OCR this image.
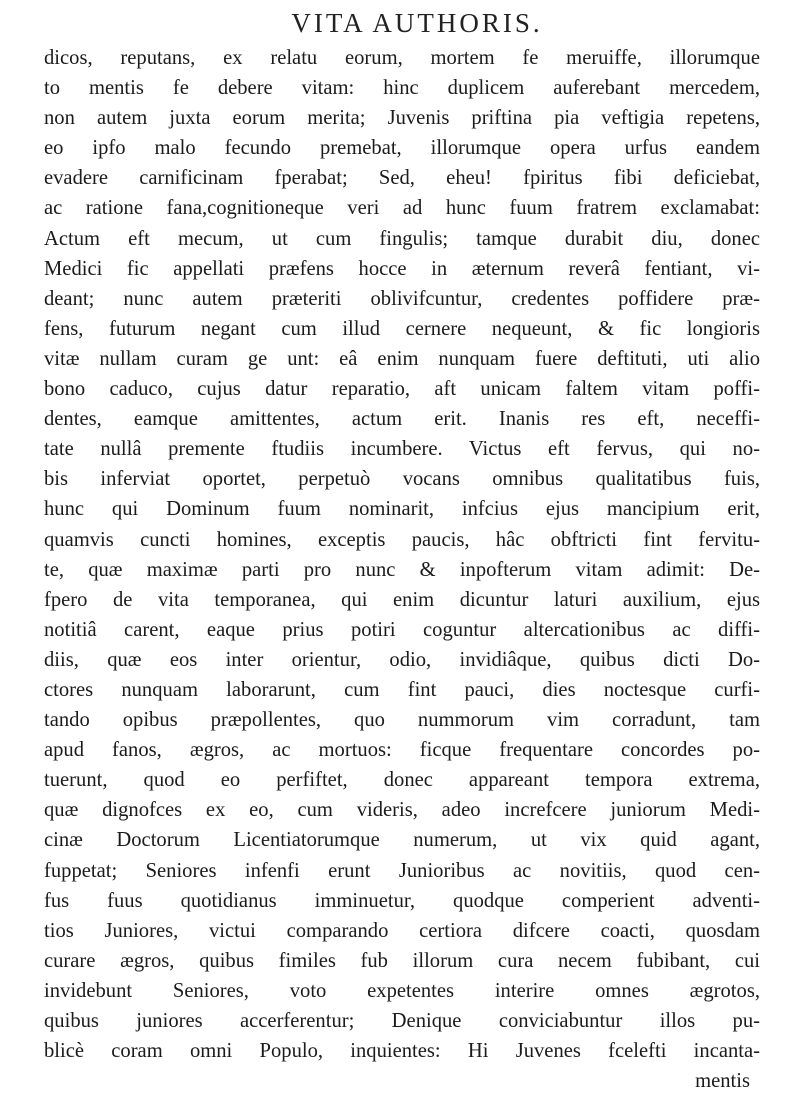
VITA AUTHORIS.
dicos, reputans, ex relatu eorum, mortem fe meruiffe, illorumque
to mentis fe debere vitam: hinc duplicem auferebant mercedem,
non autem juxta eorum merita; Juvenis priftina pia veftigia repetens,
eo ipfo malo fecundo premebat, illorumque opera urfus eandem
evadere carnificinam fperabat; Sed, eheu! fpiritus fibi deficiebat,
ac ratione fana,cognitioneque veri ad hunc fuum fratrem exclamabat:
Actum eft mecum, ut cum fingulis; tamque durabit diu, donec
Medici fic appellati præfens hocce in æternum reverâ fentiant, vi-
deant; nunc autem præteriti oblivifcuntur, credentes poffidere præ-
fens, futurum negant cum illud cernere nequeunt, & fic longioris
vitæ nullam curam ge unt: eâ enim nunquam fuere deftituti, uti alio
bono caduco, cujus datur reparatio, aft unicam faltem vitam poffi-
dentes, eamque amittentes, actum erit. Inanis res eft, neceffi-
tate nullâ premente ftudiis incumbere. Victus eft fervus, qui no-
bis inferviat oportet, perpetuò vocans omnibus qualitatibus fuis,
hunc qui Dominum fuum nominarit, infcius ejus mancipium erit,
quamvis cuncti homines, exceptis paucis, hâc obftricti fint fervitu-
te, quæ maximæ parti pro nunc & inpofterum vitam adimit: De-
fpero de vita temporanea, qui enim dicuntur laturi auxilium, ejus
notitiâ carent, eaque prius potiri coguntur altercationibus ac diffi-
diis, quæ eos inter orientur, odio, invidiâque, quibus dicti Do-
ctores nunquam laborarunt, cum fint pauci, dies noctesque curfi-
tando opibus præpollentes, quo nummorum vim corradunt, tam
apud fanos, ægros, ac mortuos: ficque frequentare concordes po-
tuerunt, quod eo perfiftet, donec appareant tempora extrema,
quæ dignofces ex eo, cum videris, adeo increfcere juniorum Medi-
cinæ Doctorum Licentiatorumque numerum, ut vix quid agant,
fuppetat; Seniores infenfi erunt Junioribus ac novitiis, quod cen-
fus fuus quotidianus imminuetur, quodque comperient adventi-
tios Juniores, victui comparando certiora difcere coacti, quosdam
curare ægros, quibus fimiles fub illorum cura necem fubibant, cui
invidebunt Seniores, voto expetentes interire omnes ægrotos,
quibus juniores accerferentur; Denique conviciabuntur illos pu-
blicè coram omni Populo, inquientes: Hi Juvenes fcelefti incanta-
mentis
